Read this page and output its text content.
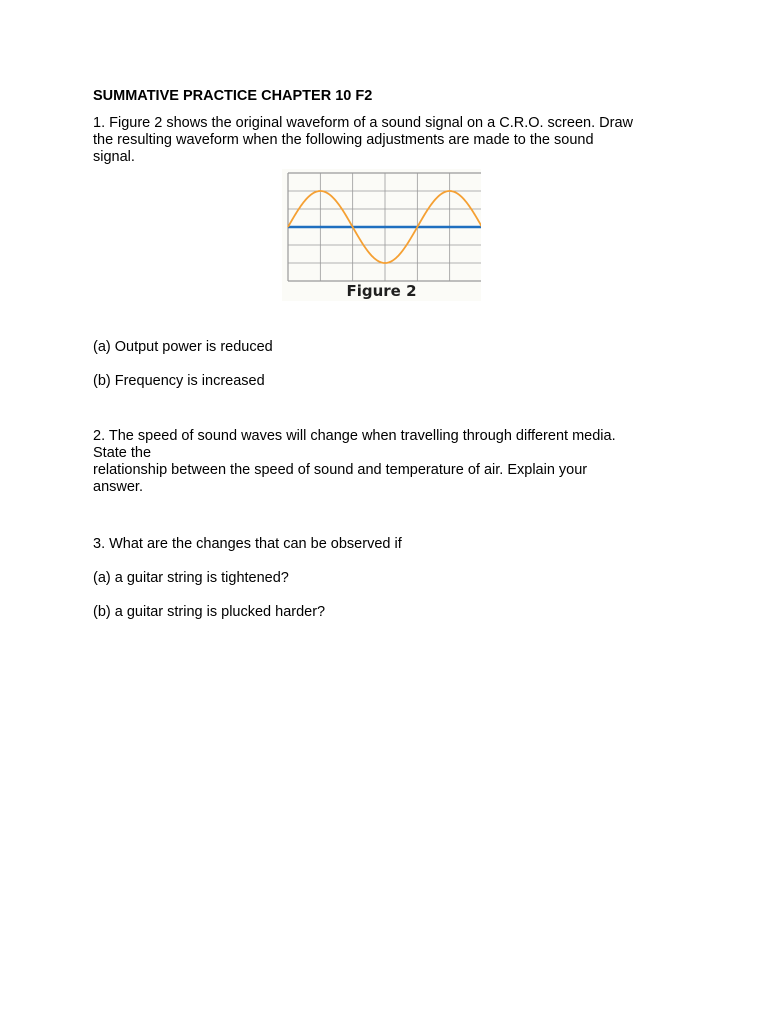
SUMMATIVE PRACTICE CHAPTER 10 F2
1. Figure 2 shows the original waveform of a sound signal on a C.R.O. screen. Draw
the resulting waveform when the following adjustments are made to the sound
signal.
Figure 2
(a) Output power is reduced
(b) Frequency is increased
2. The speed of sound waves will change when travelling through different media.
State the
relationship between the speed of sound and temperature of air. Explain your
answer.
3. What are the changes that can be observed if
(a) a guitar string is tightened?
(b) a guitar string is plucked harder?
